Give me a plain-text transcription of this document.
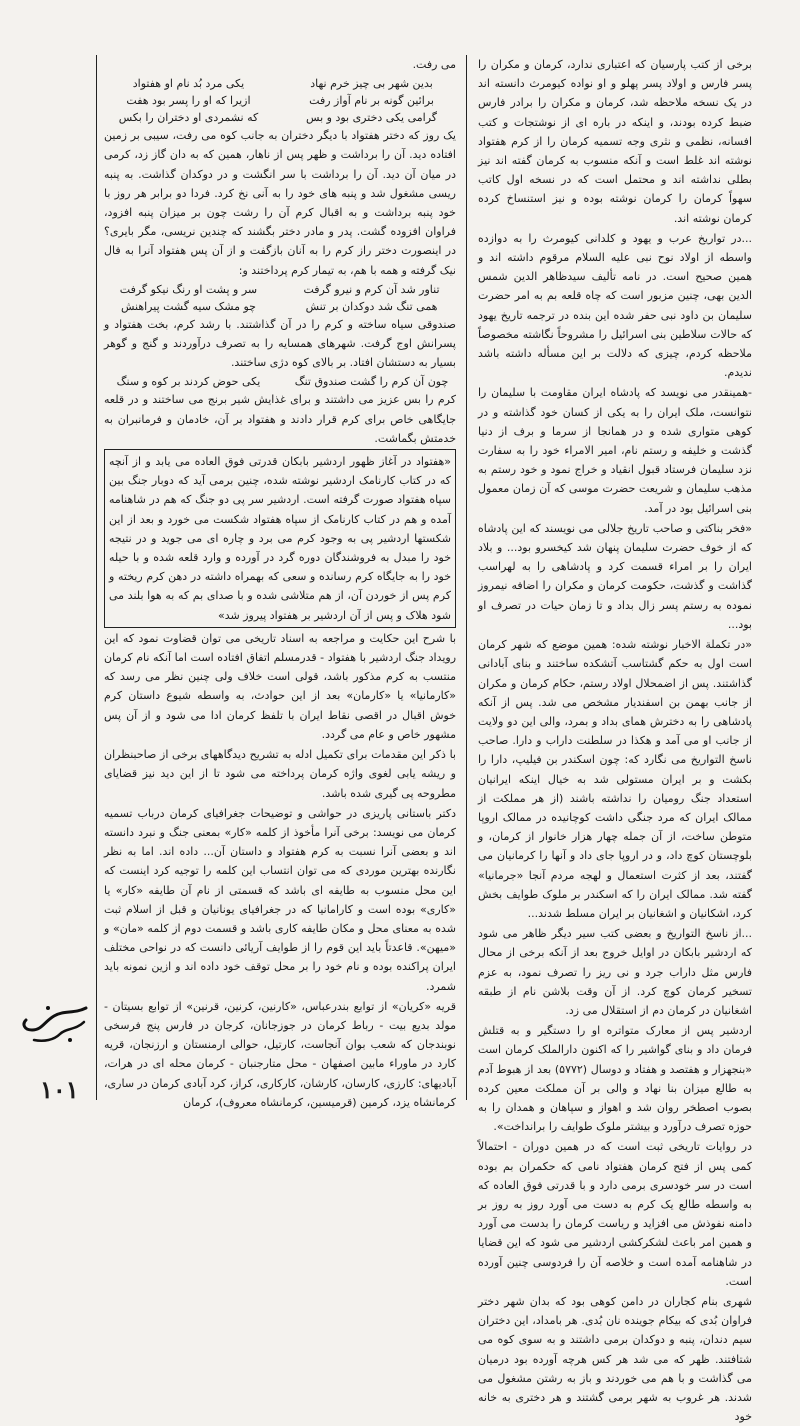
برخی از کتب پارسیان که اعتباری ندارد، کرمان و مکران را پسر فارس و اولاد پسر پهلو و او نواده کیومرث دانسته اند در یک نسخه ملاحظه شد، کرمان و مکران را برادر فارس ضبط کرده بودند، و اینکه در باره ای از نوشتجات و کتب افسانه، نظمی و نثری وجه تسمیه کرمان را از کرم هفتواد نوشته اند غلط است و آنکه منسوب به کرمان گفته اند نیز بطلی نداشته اند و محتمل است که در نسخه اول کاتب سهواً کرمان را کرمان نوشته بوده و نیز استنساخ کرده کرمان نوشته اند.

...در تواریخ عرب و یهود و کلدانی کیومرث را به دوازده واسطه از اولاد نوح نبی علیه السلام مرقوم داشته اند و همین صحیح است. در نامه تألیف سیدظاهر الدین شمس الدین بهی، چنین مزبور است که چاه قلعه بم به امر حضرت سلیمان بن داود نبی حفر شده این بنده در ترجمه تاریخ یهود که حالات سلاطین بنی اسرائیل را مشروحاً نگاشته مخصوصاً ملاحظه کردم، چیزی که دلالت بر این مسأله داشته باشد ندیدم.

-همینقدر می نویسد که پادشاه ایران مقاومت با سلیمان را نتوانست، ملک ایران را به یکی از کسان خود گذاشته و در کوهی متواری شده و در همانجا از سرما و برف از دنیا گذشت و خلیفه و رستم نام، امیر الامراء خود را به سفارت نزد سلیمان فرستاد قبول انقیاد و خراج نمود و خود رستم به مذهب سلیمان و شریعت حضرت موسی که آن زمان معمول بنی اسرائیل بود در آمد.

«فخر بناکتی و صاحب تاریخ جلالی می نویسند که این پادشاه که از خوف حضرت سلیمان پنهان شد کیخسرو بود... و بلاد ایران را بر امراء قسمت کرد و پادشاهی را به لهراسب گذاشت و گذشت، حکومت کرمان و مکران را اضافه نیمروز نموده به رستم پسر زال بداد و تا زمان حیات در تصرف او بود...

«در تکملة الاخبار نوشته شده: همین موضع که شهر کرمان است اول به حکم گشتاسب آتشکده ساختند و بنای آبادانی گذاشتند. پس از اضمحلال اولاد رستم، حکام کرمان و مکران از جانب بهمن بن اسفندیار مشخص می شد. پس از آنکه پادشاهی را به دخترش همای بداد و بمرد، والی این دو ولایت از جانب او می آمد و هکذا در سلطنت داراب و دارا. صاحب ناسخ التواریخ می نگارد که: چون اسکندر بن فیلیپ، دارا را بکشت و بر ایران مستولی شد به خیال اینکه ایرانیان استعداد جنگ رومیان را نداشته باشند (از هر مملکت از ممالک ایران که مرد جنگی داشت کوچانیده در ممالک اروپا متوطن ساخت، از آن جمله چهار هزار خانوار از کرمان، و بلوچستان کوچ داد، و در اروپا جای داد و آنها را کرمانیان می گفتند، بعد از کثرت استعمال و لهجه مردم آنجا «جرمانیا» گفته شد. ممالک ایران را که اسکندر بر ملوک طوایف بخش کرد، اشکانیان و اشغانیان بر ایران مسلط شدند...

...از ناسخ التواریخ و بعضی کتب سیر دیگر ظاهر می شود که اردشیر بابکان در اوایل خروج بعد از آنکه برخی از محال فارس مثل داراب جرد و نی ریز را تصرف نمود، به عزم تسخیر کرمان کوچ کرد. از آن وقت بلاشن نام از طبقه اشغانیان در کرمان دم از استقلال می زد.

اردشیر پس از معارک متواتره او را دستگیر و به قتلش فرمان داد و بنای گواشیر را که اکنون دارالملک کرمان است «بنجهزار و هفتصد و هفتاد و دوسال (۵۷۷۲) بعد از هبوط آدم به طالع میزان بنا نهاد و والی بر آن مملکت معین کرده بصوب اصطخر روان شد و اهواز و سپاهان و همدان را به حوزه تصرف درآورد و بیشتر ملوک طوایف را برانداخت».

در روایات تاریخی ثبت است که در همین دوران - احتمالاً کمی پس از فتح کرمان هفتواد نامی که حکمران بم بوده است در سر خودسری برمی دارد و با قدرتی فوق العاده که به واسطه طالع یک کرم به دست می آورد روز به روز بر دامنه نفوذش می افزاید و ریاست کرمان را بدست می آورد و همین امر باعث لشکرکشی اردشیر می شود که این قضایا در شاهنامه آمده است و خلاصه آن را فردوسی چنین آورده است.

شهری بنام کجاران در دامن کوهی بود که بدان شهر دختر فراوان بُدی که بیکام جوینده نان بُدی. هر بامداد، این دختران سیم دندان، پنبه و دوکدان برمی داشتند و به سوی کوه می شتافتند. ظهر که می شد هر کس هرچه آورده بود درمیان می گذاشت و با هم می خوردند و باز به رشتن مشغول می شدند. هر غروب به شهر برمی گشتند و هر دختری به خانه خود

می رفت.

بدین شهر بی چیز خرم نهاد
یکی مرد بُد نام او هفتواد
برائین گونه بر نام آواز رفت
ازیرا که او را پسر بود هفت
گرامی یکی دختری بود و بس
که نشمردی او دختران را بکس

یک روز که دختر هفتواد با دیگر دختران به جانب کوه می رفت، سیبی بر زمین افتاده دید. آن را برداشت و ظهر پس از ناهار، همین که به دان گاز زد، کرمی در میان آن دید. آن را برداشت با سر انگشت و در دوکدان گذاشت. به پنبه ریسی مشغول شد و پنبه های خود را به آنی نخ کرد. فردا دو برابر هر روز با خود پنبه برداشت و به اقبال کرم آن را رشت چون بر میزان پنبه افزود، فراوان افزوده گشت. پدر و مادر دختر بگشند که چندین نریسی، مگر بایری؟ در اینصورت دختر راز کرم را به آنان بازگفت و از آن پس هفتواد آنرا به فال نیک گرفته و همه با هم، به تیمار کرم پرداختند و:

تناور شد آن کرم و نیرو گرفت
سر و پشت او رنگ نیکو گرفت
همی تنگ شد دوکدان بر تنش
چو مشک سیه گشت پیراهنش

صندوقی سیاه ساخته و کرم را در آن گذاشتند. با رشد کرم، بخت هفتواد و پسرانش اوج گرفت. شهرهای همسایه را به تصرف درآوردند و گنج و گوهر بسیار به دستشان افتاد. بر بالای کوه دژی ساختند.

چون آن کرم را گشت صندوق تنگ
یکی حوض کردند بر کوه و سنگ

کرم را بس عزیز می داشتند و برای غذایش شیر برنج می ساختند و در قلعه جایگاهی خاص برای کرم قرار دادند و هفتواد بر آن، خادمان و فرمانبران به خدمتش بگماشت.

«هفتواد در آغاز ظهور اردشیر بابکان قدرتی فوق العاده می یابد و از آنچه که در کتاب کارنامک اردشیر نوشته شده، چنین برمی آید که دوبار جنگ بین سپاه هفتواد صورت گرفته است. اردشیر سر پی دو جنگ که هم در شاهنامه آمده و هم در کتاب کارنامک از سپاه هفتواد شکست می خورد و بعد از این شکستها اردشیر پی به وجود کرم می برد و چاره ای می جوید و در نتیجه خود را مبدل به فروشندگان دوره گرد در آورده و وارد قلعه شده و با حیله خود را به جایگاه کرم رسانده و سعی که بهمراه داشته در دهن کرم ریخته و کرم پس از خوردن آن، از هم متلاشی شده و با صدای بم که به هوا بلند می شود هلاک و پس از آن اردشیر بر هفتواد پیروز شد»

با شرح این حکایت و مراجعه به اسناد تاریخی می توان قضاوت نمود که این رویداد جنگ اردشیر با هفتواد - قدرمسلم اتفاق افتاده است اما آنکه نام کرمان منتسب به کرم مذکور باشد، قولی است خلاف ولی چنین نظر می رسد که «کارمانیا» یا «کارمان» بعد از این حوادث، به واسطه شیوع داستان کرم خوش اقبال در اقصی نقاط ایران با تلفظ کرمان ادا می شود و از آن پس مشهور خاص و عام می گردد.

با ذکر این مقدمات برای تکمیل ادله به تشریح دیدگاههای برخی از صاحبنظران و ریشه یابی لغوی واژه کرمان پرداخته می شود تا از این دید نیز قضایای مطروحه پی گیری شده باشد.

دکتر باستانی پاریزی در حواشی و توضیحات جغرافیای کرمان درباب تسمیه کرمان می نویسد: برخی آنرا مأخوذ از کلمه «کار» بمعنی جنگ و نبرد دانسته اند و بعضی آنرا نسبت به کرم هفتواد و داستان آن... داده اند. اما به نظر نگارنده بهترین موردی که می توان انتساب این کلمه را توجیه کرد اینست که این محل منسوب به طایفه ای باشد که قسمتی از نام آن طایفه «کار» یا «کاری» بوده است و کارامانیا که در جغرافیای یونانیان و قبل از اسلام ثبت شده به معنای محل و مکان طایفه کاری باشد و قسمت دوم از کلمه «مان» و «میهن». قاعدتاً باید این قوم را از طوایف آریائی دانست که در نواحی مختلف ایران پراکنده بوده و نام خود را بر محل توقف خود داده اند و ازین نمونه باید شمرد.

قریه «کریان» از توابع بندرعباس، «کارنین، کرنین، قرنین» از توابع بسیتان - مولد بدیع بیت - رباط کرمان در جوزجانان، کرجان در فارس پنج فرسخی نوبندجان که شعب بوان آنجاست، کارتیل، حوالی ارمنستان و ارزنجان، قریه کارد در ماوراء مابین اصفهان - محل متارجنبان - کرمان محله ای در هرات، آبادیهای: کارزی، کارسان، کارشان، کارکاری، کراز، کرد آبادی کرمان در ساری، کرمانشاه یزد، کرمین (قرمیسین، کرمانشاه معروف)، کرمان

۱۰۱
